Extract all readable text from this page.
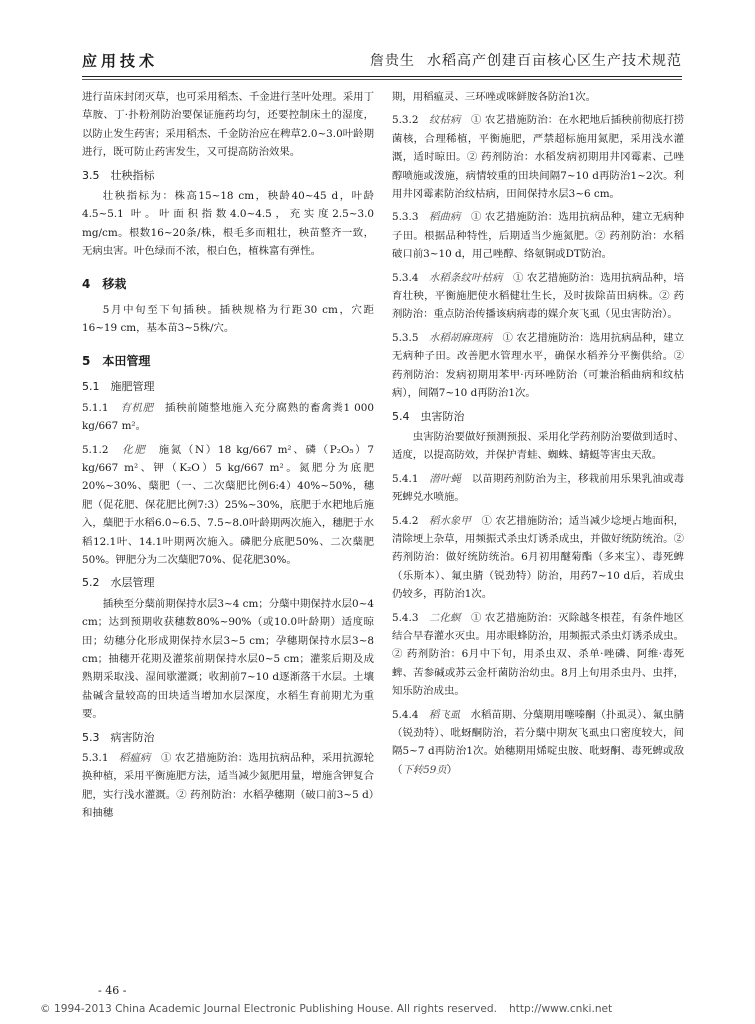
应用技术	詹贵生 水稻高产创建百亩核心区生产技术规范

进行苗床封闭灭草，也可采用稻杰、千金进行茎叶处理。采用丁草胺、丁·扑粉剂防治要保证施药均匀，还要控制床土的湿度，以防止发生药害；采用稻杰、千金防治应在稗草2.0~3.0叶龄期进行，既可防止药害发生，又可提高防治效果。

3.5　壮秧指标

壮秧指标为：株高15~18 cm，秧龄40~45 d，叶龄4.5~5.1 叶。叶面积指数4.0~4.5，充实度2.5~3.0 mg/cm。根数16~20条/株，根毛多而粗壮，秧苗整齐一致，无病虫害。叶色绿而不浓，根白色，植株富有弹性。

4　移栽

5月中旬至下旬插秧。插秧规格为行距30 cm，穴距16~19 cm，基本苗3~5株/穴。

5　本田管理
5.1　施肥管理

5.1.1　 有机肥　 插秧前随整地施入充分腐熟的畜禽粪1 000 kg/667 m²。

5.1.2　 化肥　 施氮（N）18 kg/667 m²、磷（P₂O₅）7 kg/667 m²、钾（K₂O）5 kg/667 m²。氮肥分为底肥20%~30%、蘖肥（一、二次蘖肥比例6:4）40%~50%，穗肥（促花肥、保花肥比例7:3）25%~30%，底肥于水耙地后施入，蘖肥于水稻6.0~6.5、7.5~8.0叶龄期两次施入，穗肥于水稻12.1叶、14.1叶期两次施入。磷肥分底肥50%、二次蘖肥50%。钾肥分为二次蘖肥70%、促花肥30%。

5.2　水层管理

插秧至分蘖前期保持水层3~4 cm；分蘖中期保持水层0~4 cm；达到预期收获穗数80%~90%（或10.0叶龄期）适度晾田；幼穗分化形成期保持水层3~5 cm；孕穗期保持水层3~8 cm；抽穗开花期及灌浆前期保持水层0~5 cm；灌浆后期及成熟期采取浅、湿间歇灌溉；收割前7~10 d逐渐落干水层。土壤盐碱含量较高的田块适当增加水层深度，水稻生育前期尤为重要。

5.3　病害防治

5.3.1　 稻瘟病　 ① 农艺措施防治：选用抗病品种，采用抗源轮换种植，采用平衡施肥方法，适当减少氮肥用量，增施含钾复合肥，实行浅水灌溉。② 药剂防治：水稻孕穗期（破口前3~5 d）和抽穗

期，用稻瘟灵、三环唑或咪鲜胺各防治1次。

5.3.2　 纹枯病　 ① 农艺措施防治：在水耙地后插秧前彻底打捞菌核，合理稀植，平衡施肥，严禁超标施用氮肥，采用浅水灌溉，适时晾田。② 药剂防治：水稻发病初期用井冈霉素、己唑醇喷施或泼施，病情较重的田块间隔7~10 d再防治1~2次。利用井冈霉素防治纹枯病，田间保持水层3~6 cm。

5.3.3　 稻曲病　 ① 农艺措施防治：选用抗病品种，建立无病种子田。根据品种特性，后期适当少施氮肥。② 药剂防治：水稻破口前3~10 d，用己唑醇、络氨铜或DT防治。

5.3.4　 水稻条纹叶枯病　 ① 农艺措施防治：选用抗病品种，培育壮秧，平衡施肥使水稻健壮生长，及时拔除苗田病株。② 药剂防治：重点防治传播该病病毒的媒介灰飞虱（见虫害防治）。

5.3.5　 水稻胡麻斑病　 ① 农艺措施防治：选用抗病品种，建立无病种子田。改善肥水管理水平，确保水稻养分平衡供给。② 药剂防治：发病初期用苯甲·丙环唑防治（可兼治稻曲病和纹枯病），间隔7~10 d再防治1次。

5.4　虫害防治

虫害防治要做好预测预报、采用化学药剂防治要做到适时、适度，以提高防效，并保护青蛙、蜘蛛、蜻蜓等害虫天敌。

5.4.1　 潜叶蝇　 以苗期药剂防治为主，移栽前用乐果乳油或毒死蜱兑水喷施。

5.4.2　 稻水象甲　 ① 农艺措施防治；适当减少埝埂占地面积，清除埂上杂草，用频振式杀虫灯诱杀成虫，并做好统防统治。② 药剂防治：做好统防统治。6月初用醚菊酯（多来宝）、毒死蜱（乐斯本）、氟虫腈（锐劲特）防治，用药7~10 d后，若成虫仍较多，再防治1次。

5.4.3　 二化螟　 ① 农艺措施防治：灭除越冬根茬，有条件地区结合早春灌水灭虫。用赤眼蜂防治，用频振式杀虫灯诱杀成虫。② 药剂防治：6月中下旬，用杀虫双、杀单·唑磷、阿维·毒死蜱、苦参碱或苏云金杆菌防治幼虫。8月上旬用杀虫丹、虫拌，知乐防治成虫。

5.4.4　 稻飞虱　 水稻苗期、分蘖期用噻嗪酮（扑虱灵）、氟虫腈（锐劲特）、吡蚜酮防治，若分蘖中期灰飞虱虫口密度较大，间隔5~7 d再防治1次。始穗期用烯啶虫胺、吡蚜酮、毒死蜱或敌（下转59页）

- 46 -
© 1994-2013 China Academic Journal Electronic Publishing House. All rights reserved. http://www.cnki.net
